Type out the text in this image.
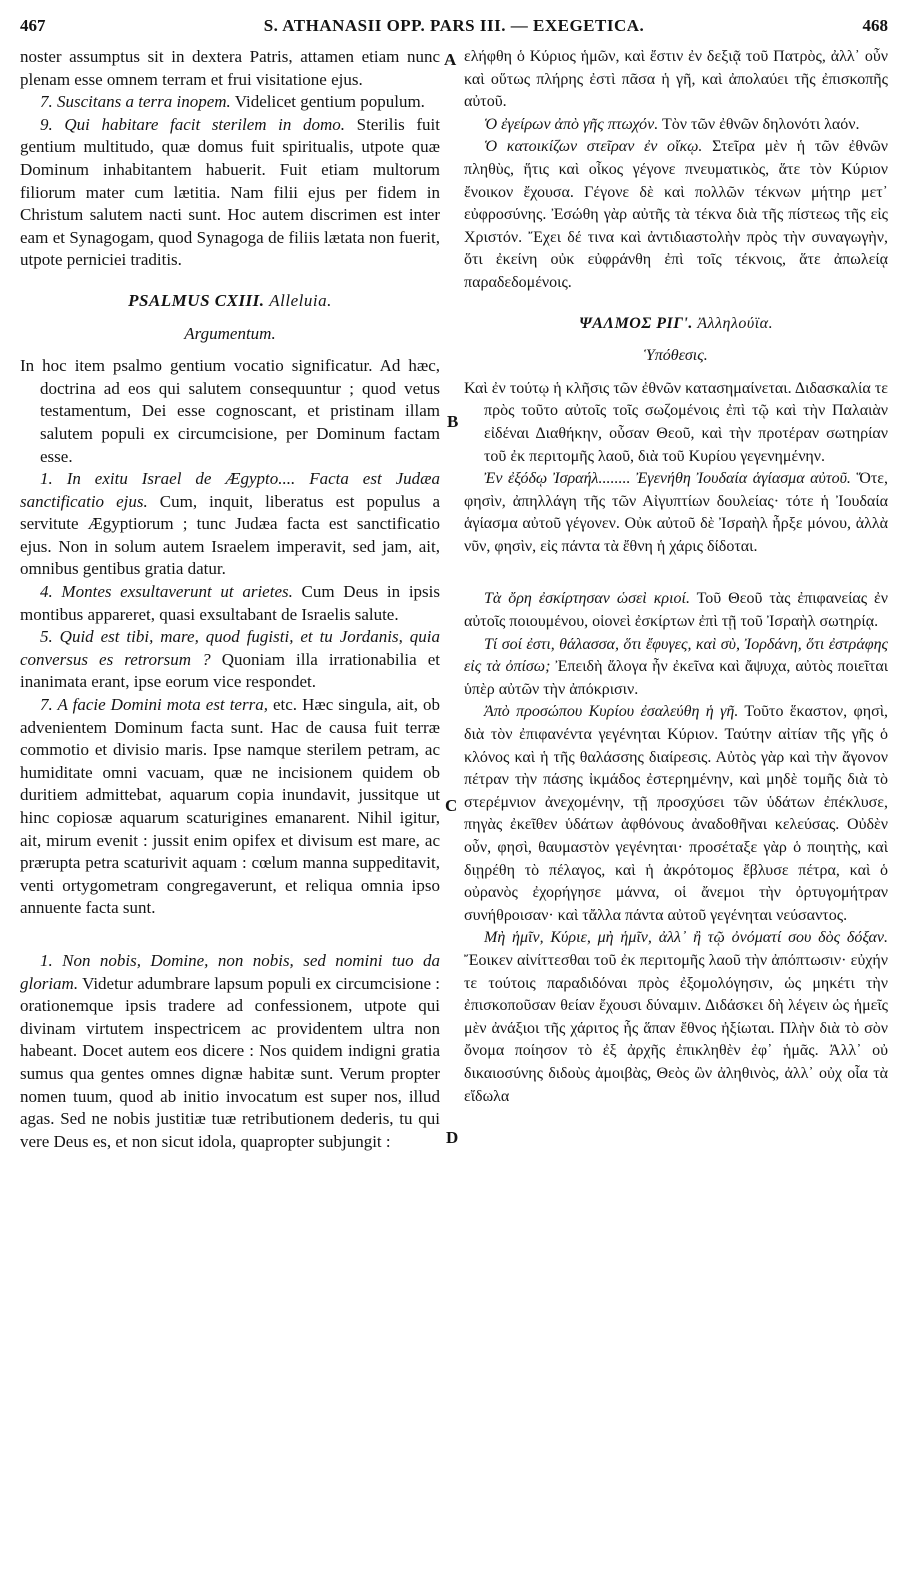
467	S. ATHANASII OPP. PARS III. — EXEGETICA.	468
A
B
C
D

noster assumptus sit in dextera Patris, attamen etiam nunc plenam esse omnem terram et frui visitatione ejus.

7. Suscitans a terra inopem. Videlicet gentium populum.

9. Qui habitare facit sterilem in domo. Sterilis fuit gentium multitudo, quæ domus fuit spiritualis, utpote quæ Dominum inhabitantem habuerit. Fuit etiam multorum filiorum mater cum lætitia. Nam filii ejus per fidem in Christum salutem nacti sunt. Hoc autem discrimen est inter eam et Synagogam, quod Synagoga de filiis lætata non fuerit, utpote perniciei traditis.

PSALMUS CXIII. Alleluia.
Argumentum.

In hoc item psalmo gentium vocatio significatur. Ad hæc, doctrina ad eos qui salutem consequuntur ; quod vetus testamentum, Dei esse cognoscant, et pristinam illam salutem populi ex circumcisione, per Dominum factam esse.

1. In exitu Israel de Ægypto.... Facta est Judæa sanctificatio ejus. Cum, inquit, liberatus est populus a servitute Ægyptiorum ; tunc Judæa facta est sanctificatio ejus. Non in solum autem Israelem imperavit, sed jam, ait, omnibus gentibus gratia datur.

4. Montes exsultaverunt ut arietes. Cum Deus in ipsis montibus appareret, quasi exsultabant de Israelis salute.

5. Quid est tibi, mare, quod fugisti, et tu Jordanis, quia conversus es retrorsum ? Quoniam illa irrationabilia et inanimata erant, ipse eorum vice respondet.

7. A facie Domini mota est terra, etc. Hæc singula, ait, ob advenientem Dominum facta sunt. Hac de causa fuit terræ commotio et divisio maris. Ipse namque sterilem petram, ac humiditate omni vacuam, quæ ne incisionem quidem ob duritiem admittebat, aquarum copia inundavit, jussitque ut hinc copiosæ aquarum scaturigines emanarent. Nihil igitur, ait, mirum evenit : jussit enim opifex et divisum est mare, ac prærupta petra scaturivit aquam : cœlum manna suppeditavit, venti ortygometram congregaverunt, et reliqua omnia ipso annuente facta sunt.

1. Non nobis, Domine, non nobis, sed nomini tuo da gloriam. Videtur adumbrare lapsum populi ex circumcisione : orationemque ipsis tradere ad confessionem, utpote qui divinam virtutem inspectricem ac providentem ultra non habeant. Docet autem eos dicere : Nos quidem indigni gratia sumus qua gentes omnes dignæ habitæ sunt. Verum propter nomen tuum, quod ab initio invocatum est super nos, illud agas. Sed ne nobis justitiæ tuæ retributionem dederis, tu qui vere Deus es, et non sicut idola, quapropter subjungit :

ελήφθη ὁ Κύριος ἡμῶν, καὶ ἔστιν ἐν δεξιᾷ τοῦ Πατρὸς, ἀλλ᾽ οὖν καὶ οὕτως πλήρης ἐστὶ πᾶσα ἡ γῆ, καὶ ἀπολαύει τῆς ἐπισκοπῆς αὐτοῦ.

Ὁ ἐγείρων ἀπὸ γῆς πτωχόν. Τὸν τῶν ἐθνῶν δηλονότι λαόν.

Ὁ κατοικίζων στεῖραν ἐν οἴκῳ. Στεῖρα μὲν ἡ τῶν ἐθνῶν πληθὺς, ἥτις καὶ οἶκος γέγονε πνευματικὸς, ἅτε τὸν Κύριον ἔνοικον ἔχουσα. Γέγονε δὲ καὶ πολλῶν τέκνων μήτηρ μετ᾽ εὐφροσύνης. Ἐσώθη γὰρ αὐτῆς τὰ τέκνα διὰ τῆς πίστεως τῆς εἰς Χριστόν. Ἔχει δέ τινα καὶ ἀντιδιαστολὴν πρὸς τὴν συναγωγὴν, ὅτι ἐκείνη οὐκ εὐφράνθη ἐπὶ τοῖς τέκνοις, ἅτε ἀπωλείᾳ παραδεδομένοις.

ΨΑΛΜΟΣ ΡΙΓ'. Ἀλληλούϊα.
Ὑπόθεσις.

Καὶ ἐν τούτῳ ἡ κλῆσις τῶν ἐθνῶν κατασημαίνεται. Διδασκαλία τε πρὸς τοῦτο αὐτοῖς τοῖς σωζομένοις ἐπὶ τῷ καὶ τὴν Παλαιὰν εἰδέναι Διαθήκην, οὖσαν Θεοῦ, καὶ τὴν προτέραν σωτηρίαν τοῦ ἐκ περιτομῆς λαοῦ, διὰ τοῦ Κυρίου γεγενημένην.

Ἐν ἐξόδῳ Ἰσραήλ........ Ἐγενήθη Ἰουδαία ἁγίασμα αὐτοῦ. Ὅτε, φησὶν, ἀπηλλάγη τῆς τῶν Αἰγυπτίων δουλείας· τότε ἡ Ἰουδαία ἁγίασμα αὐτοῦ γέγονεν. Οὐκ αὐτοῦ δὲ Ἰσραὴλ ἦρξε μόνου, ἀλλὰ νῦν, φησὶν, εἰς πάντα τὰ ἔθνη ἡ χάρις δίδοται.

Τὰ ὄρη ἐσκίρτησαν ὡσεὶ κριοί. Τοῦ Θεοῦ τὰς ἐπιφανείας ἐν αὐτοῖς ποιουμένου, οἱονεὶ ἐσκίρτων ἐπὶ τῇ τοῦ Ἰσραὴλ σωτηρίᾳ.

Τί σοί ἐστι, θάλασσα, ὅτι ἔφυγες, καὶ σὺ, Ἰορδάνη, ὅτι ἐστράφης εἰς τὰ ὀπίσω; Ἐπειδὴ ἄλογα ἦν ἐκεῖνα καὶ ἄψυχα, αὐτὸς ποιεῖται ὑπὲρ αὐτῶν τὴν ἀπόκρισιν.

Ἀπὸ προσώπου Κυρίου ἐσαλεύθη ἡ γῆ. Τοῦτο ἕκαστον, φησὶ, διὰ τὸν ἐπιφανέντα γεγένηται Κύριον. Ταύτην αἰτίαν τῆς γῆς ὁ κλόνος καὶ ἡ τῆς θαλάσσης διαίρεσις. Αὐτὸς γὰρ καὶ τὴν ἄγονον πέτραν τὴν πάσης ἰκμάδος ἐστερημένην, καὶ μηδὲ τομῆς διὰ τὸ στερέμνιον ἀνεχομένην, τῇ προσχύσει τῶν ὑδάτων ἐπέκλυσε, πηγὰς ἐκεῖθεν ὑδάτων ἀφθόνους ἀναδοθῆναι κελεύσας. Οὐδὲν οὖν, φησὶ, θαυμαστὸν γεγένηται· προσέταξε γὰρ ὁ ποιητὴς, καὶ διῃρέθη τὸ πέλαγος, καὶ ἡ ἀκρότομος ἔβλυσε πέτρα, καὶ ὁ οὐρανὸς ἐχορήγησε μάννα, οἱ ἄνεμοι τὴν ὀρτυγομήτραν συνήθροισαν· καὶ τἄλλα πάντα αὐτοῦ γεγένηται νεύσαντος.

Μὴ ἡμῖν, Κύριε, μὴ ἡμῖν, ἀλλ᾽ ἢ τῷ ὀνόματί σου δὸς δόξαν. Ἔοικεν αἰνίττεσθαι τοῦ ἐκ περιτομῆς λαοῦ τὴν ἀπόπτωσιν· εὐχήν τε τούτοις παραδιδόναι πρὸς ἐξομολόγησιν, ὡς μηκέτι τὴν ἐπισκοποῦσαν θείαν ἔχουσι δύναμιν. Διδάσκει δὴ λέγειν ὡς ἡμεῖς μὲν ἀνάξιοι τῆς χάριτος ἧς ἅπαν ἔθνος ἠξίωται. Πλὴν διὰ τὸ σὸν ὄνομα ποίησον τὸ ἐξ ἀρχῆς ἐπικληθὲν ἐφ᾽ ἡμᾶς. Ἀλλ᾽ οὐ δικαιοσύνης διδοὺς ἀμοιβὰς, Θεὸς ὢν ἀληθινὸς, ἀλλ᾽ οὐχ οἷα τὰ εἴδωλα
